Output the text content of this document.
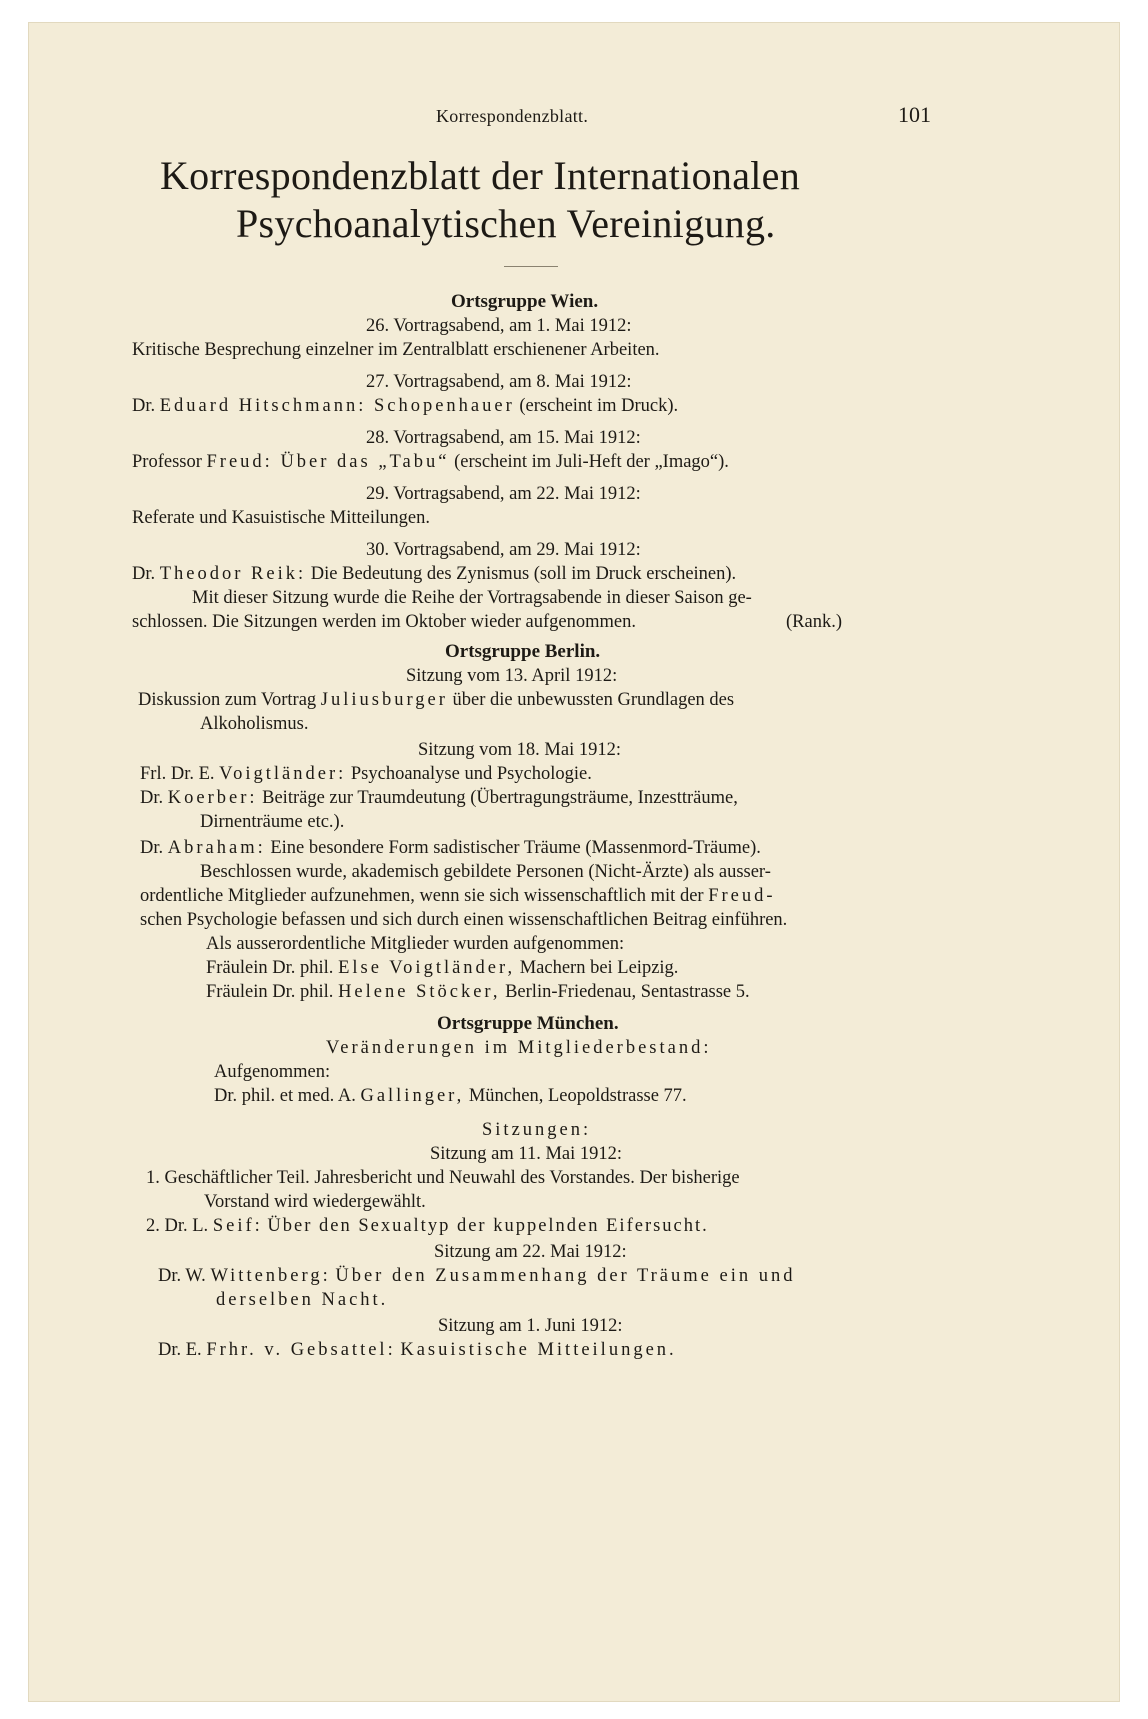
Korrespondenzblatt.	101
Korrespondenzblatt der Internationalen
Psychoanalytischen Vereinigung.
Ortsgruppe Wien.
26. Vortragsabend, am 1. Mai 1912:
Kritische Besprechung einzelner im Zentralblatt erschienener Arbeiten.
27. Vortragsabend, am 8. Mai 1912:
Dr. Eduard Hitschmann: Schopenhauer (erscheint im Druck).
28. Vortragsabend, am 15. Mai 1912:
Professor Freud: Über das „Tabu“ (erscheint im Juli-Heft der „Imago“).
29. Vortragsabend, am 22. Mai 1912:
Referate und Kasuistische Mitteilungen.
30. Vortragsabend, am 29. Mai 1912:
Dr. Theodor Reik: Die Bedeutung des Zynismus (soll im Druck erscheinen).
Mit dieser Sitzung wurde die Reihe der Vortragsabende in dieser Saison ge-
schlossen. Die Sitzungen werden im Oktober wieder aufgenommen.	(Rank.)
Ortsgruppe Berlin.
Sitzung vom 13. April 1912:
Diskussion zum Vortrag Juliusburger über die unbewussten Grundlagen des
Alkoholismus.
Sitzung vom 18. Mai 1912:
Frl. Dr. E. Voigtländer: Psychoanalyse und Psychologie.
Dr. Koerber: Beiträge zur Traumdeutung (Übertragungsträume, Inzestträume,
Dirnenträume etc.).
Dr. Abraham: Eine besondere Form sadistischer Träume (Massenmord-Träume).
Beschlossen wurde, akademisch gebildete Personen (Nicht-Ärzte) als ausser-
ordentliche Mitglieder aufzunehmen, wenn sie sich wissenschaftlich mit der Freud-
schen Psychologie befassen und sich durch einen wissenschaftlichen Beitrag einführen.
Als ausserordentliche Mitglieder wurden aufgenommen:
Fräulein Dr. phil. Else Voigtländer, Machern bei Leipzig.
Fräulein Dr. phil. Helene Stöcker, Berlin-Friedenau, Sentastrasse 5.
Ortsgruppe München.
Veränderungen im Mitgliederbestand:
Aufgenommen:
Dr. phil. et med. A. Gallinger, München, Leopoldstrasse 77.
Sitzungen:
Sitzung am 11. Mai 1912:
1. Geschäftlicher Teil. Jahresbericht und Neuwahl des Vorstandes. Der bisherige
Vorstand wird wiedergewählt.
2. Dr. L. Seif: Über den Sexualtyp der kuppelnden Eifersucht.
Sitzung am 22. Mai 1912:
Dr. W. Wittenberg: Über den Zusammenhang der Träume ein und
derselben Nacht.
Sitzung am 1. Juni 1912:
Dr. E. Frhr. v. Gebsattel: Kasuistische Mitteilungen.
